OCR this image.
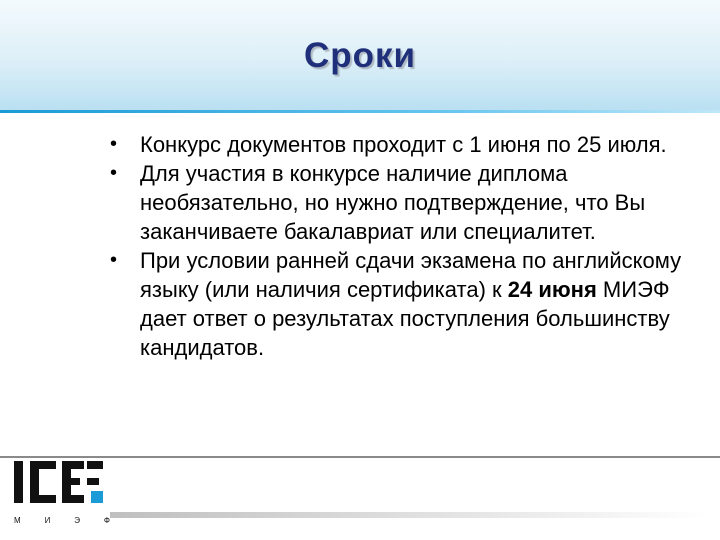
Сроки
•	Конкурс документов проходит с 1 июня по 25 июля.
•	Для участия в конкурсе наличие диплома необязательно, но нужно подтверждение, что Вы заканчиваете бакалавриат или специалитет.
•	При условии ранней сдачи экзамена по английскому языку (или наличия сертификата) к 24 июня МИЭФ дает ответ о результатах поступления большинству кандидатов.
М	И	Э	Ф
